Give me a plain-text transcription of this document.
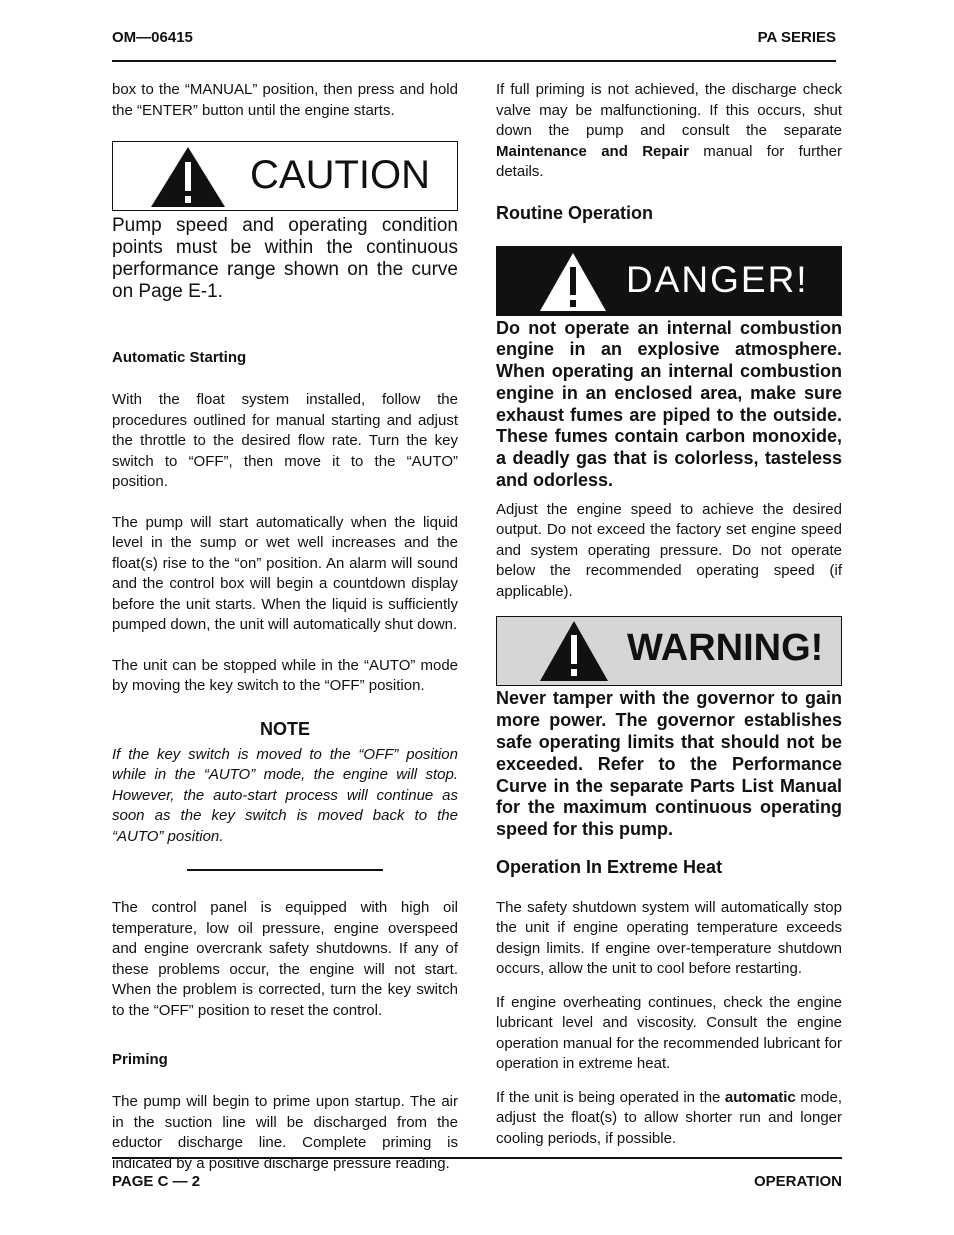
OM—06415	PA SERIES

box to the “MANUAL” position, then press and hold the “ENTER” button until the engine starts.

CAUTION

Pump speed and operating condition points must be within the continuous performance range shown on the curve on Page E-1.

Automatic Starting

With the float system installed, follow the procedures outlined for manual starting and adjust the throttle to the desired flow rate. Turn the key switch to “OFF”, then move it to the “AUTO” position.

The pump will start automatically when the liquid level in the sump or wet well increases and the float(s) rise to the “on” position. An alarm will sound and the control box will begin a countdown display before the unit starts. When the liquid is sufficiently pumped down, the unit will automatically shut down.

The unit can be stopped while in the “AUTO” mode by moving the key switch to the “OFF” position.

NOTE

If the key switch is moved to the “OFF” position while in the “AUTO” mode, the engine will stop. However, the auto-start process will continue as soon as the key switch is moved back to the “AUTO” position.

The control panel is equipped with high oil temperature, low oil pressure, engine overspeed and engine overcrank safety shutdowns. If any of these problems occur, the engine will not start. When the problem is corrected, turn the key switch to the “OFF” position to reset the control.

Priming

The pump will begin to prime upon startup. The air in the suction line will be discharged from the eductor discharge line. Complete priming is indicated by a positive discharge pressure reading.

If full priming is not achieved, the discharge check valve may be malfunctioning. If this occurs, shut down the pump and consult the separate Maintenance and Repair manual for further details.

Routine Operation
DANGER!

Do not operate an internal combustion engine in an explosive atmosphere. When operating an internal combustion engine in an enclosed area, make sure exhaust fumes are piped to the outside. These fumes contain carbon monoxide, a deadly gas that is colorless, tasteless and odorless.

Adjust the engine speed to achieve the desired output. Do not exceed the factory set engine speed and system operating pressure. Do not operate below the recommended operating speed (if applicable).

WARNING!

Never tamper with the governor to gain more power. The governor establishes safe operating limits that should not be exceeded. Refer to the Performance Curve in the separate Parts List Manual for the maximum continuous operating speed for this pump.

Operation In Extreme Heat

The safety shutdown system will automatically stop the unit if engine operating temperature exceeds design limits. If engine over-temperature shutdown occurs, allow the unit to cool before restarting.

If engine overheating continues, check the engine lubricant level and viscosity. Consult the engine operation manual for the recommended lubricant for operation in extreme heat.

If the unit is being operated in the automatic mode, adjust the float(s) to allow shorter run and longer cooling periods, if possible.

PAGE C — 2	OPERATION
